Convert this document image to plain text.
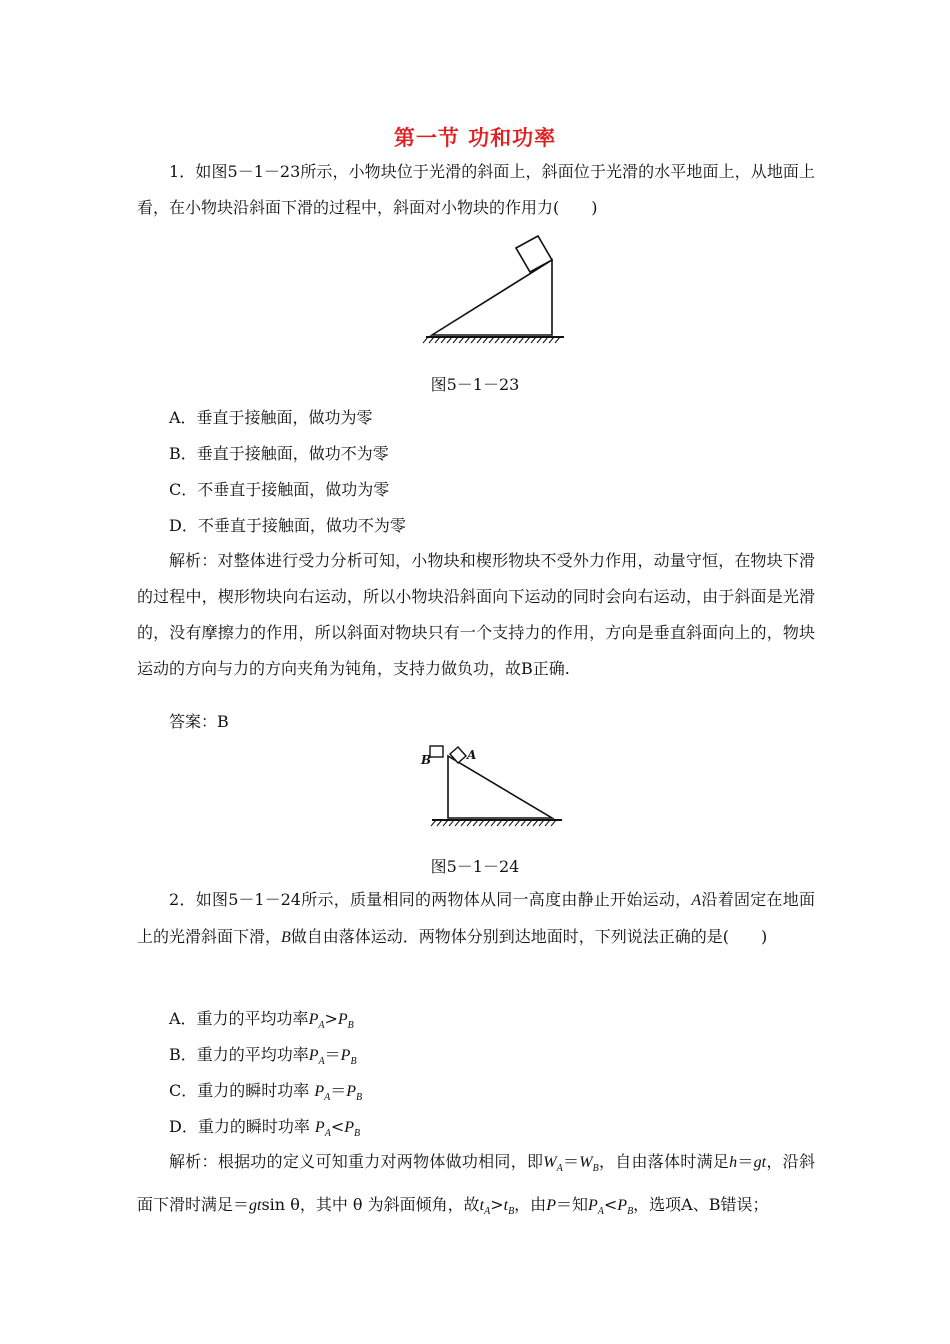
第一节 功和功率

1．如图5－1－23所示，小物块位于光滑的斜面上，斜面位于光滑的水平地面上，从地面上看，在小物块沿斜面下滑的过程中，斜面对小物块的作用力(　　)

图5－1－23

A．垂直于接触面，做功为零

B．垂直于接触面，做功不为零

C．不垂直于接触面，做功为零

D．不垂直于接触面，做功不为零

解析：对整体进行受力分析可知，小物块和楔形物块不受外力作用，动量守恒，在物块下滑的过程中，楔形物块向右运动，所以小物块沿斜面向下运动的同时会向右运动，由于斜面是光滑的，没有摩擦力的作用，所以斜面对物块只有一个支持力的作用，方向是垂直斜面向上的，物块运动的方向与力的方向夹角为钝角，支持力做负功，故B正确.

答案：B

B	A
图5－1－24

2．如图5－1－24所示，质量相同的两物体从同一高度由静止开始运动，A沿着固定在地面上的光滑斜面下滑，B做自由落体运动．两物体分别到达地面时，下列说法正确的是(　　)

A．重力的平均功率$P_A>P_B$

B．重力的平均功率$P_A=P_B$

C．重力的瞬时功率 $P_A=P_B$

D．重力的瞬时功率 $P_A<P_B$

解析：根据功的定义可知重力对两物体做功相同，即$W_A=W_B$，自由落体时满足h＝gt，沿斜面下滑时满足＝gtsin θ，其中 θ 为斜面倾角，故$t_A>t_B$，由P＝知$P_A<P_B$，选项A、B错误；
